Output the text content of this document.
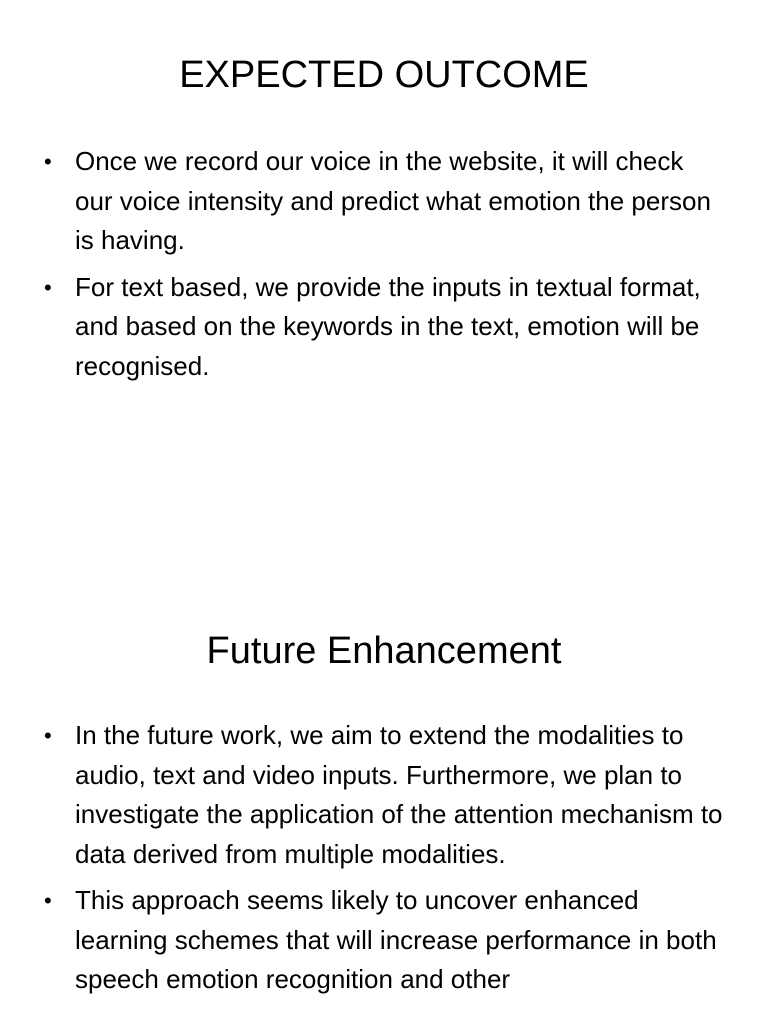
EXPECTED OUTCOME
• Once we record our voice in the website, it will check our voice intensity and predict what emotion the person is having.
• For text based, we provide the inputs in textual format, and based on the keywords in the text, emotion will be recognised.
Future Enhancement
• In the future work, we aim to extend the modalities to audio, text and video inputs. Furthermore, we plan to investigate the application of the attention mechanism to data derived from multiple modalities.
• This approach seems likely to uncover enhanced learning schemes that will increase performance in both speech emotion recognition and other
